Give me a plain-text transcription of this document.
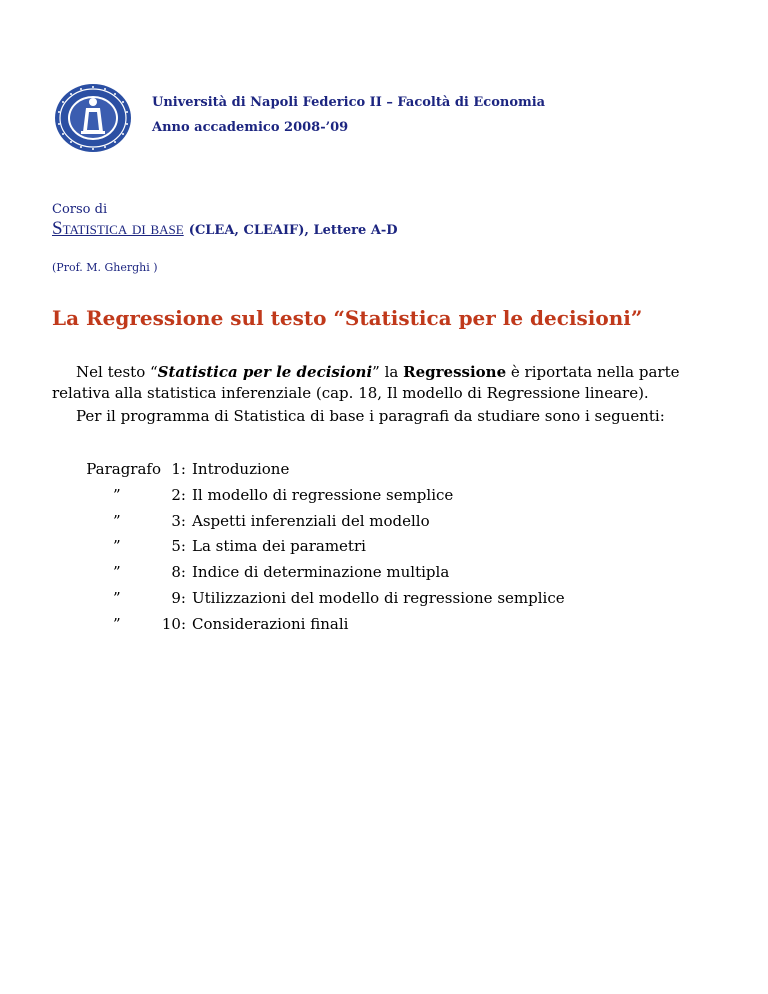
Università di Napoli Federico II – Facoltà di Economia
Anno accademico 2008-’09
Corso di
Statistica di base (CLEA, CLEAIF), Lettere A-D
(Prof. M. Gherghi )
La Regressione sul testo “Statistica per le decisioni”
Nel testo “Statistica per le decisioni” la Regressione è riportata nella parte relativa alla statistica inferenziale (cap. 18, Il modello di Regressione lineare).
Per il programma di Statistica di base i paragrafi da studiare sono i seguenti:
Paragrafo 1: Introduzione
”	2: Il modello di regressione semplice
”	3: Aspetti inferenziali del modello
”	5: La stima dei parametri
”	8: Indice di determinazione multipla
”	9: Utilizzazioni del modello di regressione semplice
”	10: Considerazioni finali
